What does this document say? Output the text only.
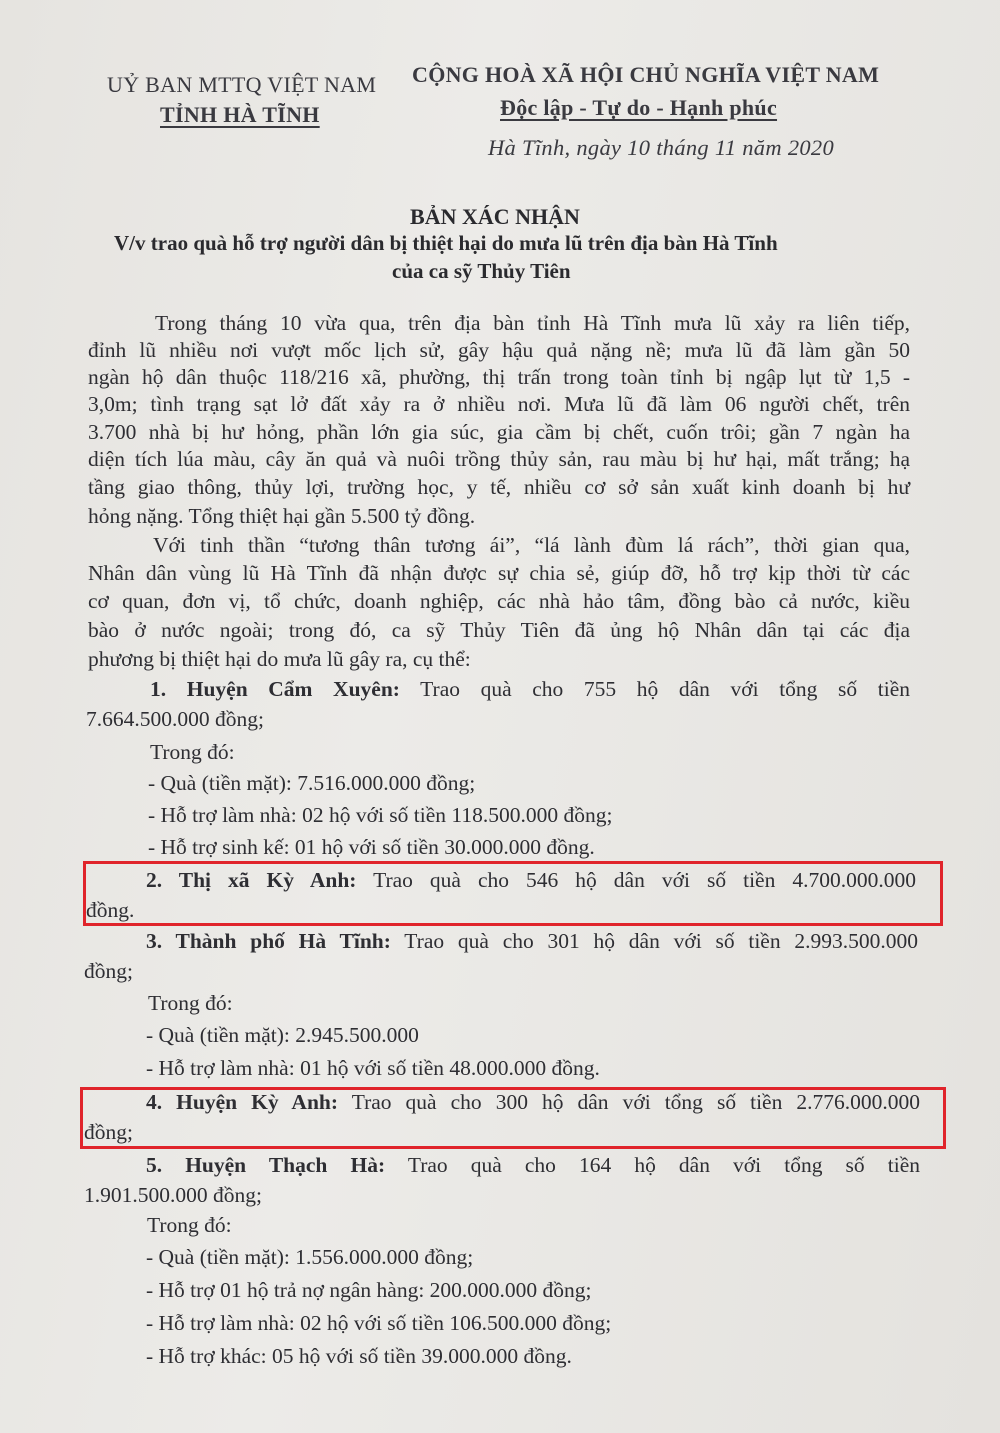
UỶ BAN MTTQ VIỆT NAM
TỈNH HÀ TĨNH
CỘNG HOÀ XÃ HỘI CHỦ NGHĨA VIỆT NAM
Độc lập - Tự do - Hạnh phúc
Hà Tĩnh, ngày 10 tháng 11 năm 2020
BẢN XÁC NHẬN
V/v trao quà hỗ trợ người dân bị thiệt hại do mưa lũ trên địa bàn Hà Tĩnh
của ca sỹ Thủy Tiên
Trong tháng 10 vừa qua, trên địa bàn tỉnh Hà Tĩnh mưa lũ xảy ra liên tiếp,
đỉnh lũ nhiều nơi vượt mốc lịch sử, gây hậu quả nặng nề; mưa lũ đã làm gần 50
ngàn hộ dân thuộc 118/216 xã, phường, thị trấn trong toàn tỉnh bị ngập lụt từ 1,5 -
3,0m; tình trạng sạt lở đất xảy ra ở nhiều nơi. Mưa lũ đã làm 06 người chết, trên
3.700 nhà bị hư hỏng, phần lớn gia súc, gia cầm bị chết, cuốn trôi; gần 7 ngàn ha
diện tích lúa màu, cây ăn quả và nuôi trồng thủy sản, rau màu bị hư hại, mất trắng; hạ
tầng giao thông, thủy lợi, trường học, y tế, nhiều cơ sở sản xuất kinh doanh bị hư
hỏng nặng. Tổng thiệt hại gần 5.500 tỷ đồng.
Với tinh thần “tương thân tương ái”, “lá lành đùm lá rách”, thời gian qua,
Nhân dân vùng lũ Hà Tĩnh đã nhận được sự chia sẻ, giúp đỡ, hỗ trợ kịp thời từ các
cơ quan, đơn vị, tổ chức, doanh nghiệp, các nhà hảo tâm, đồng bào cả nước, kiều
bào ở nước ngoài; trong đó, ca sỹ Thủy Tiên đã ủng hộ Nhân dân tại các địa
phương bị thiệt hại do mưa lũ gây ra, cụ thể:
1. Huyện Cẩm Xuyên: Trao quà cho 755 hộ dân với tổng số tiền
7.664.500.000 đồng;
Trong đó:
- Quà (tiền mặt): 7.516.000.000 đồng;
- Hỗ trợ làm nhà: 02 hộ với số tiền 118.500.000 đồng;
- Hỗ trợ sinh kế: 01 hộ với số tiền 30.000.000 đồng.
2. Thị xã Kỳ Anh: Trao quà cho 546 hộ dân với số tiền 4.700.000.000
đồng.
3. Thành phố Hà Tĩnh: Trao quà cho 301 hộ dân với số tiền 2.993.500.000
đồng;
Trong đó:
- Quà (tiền mặt): 2.945.500.000
- Hỗ trợ làm nhà: 01 hộ với số tiền 48.000.000 đồng.
4. Huyện Kỳ Anh: Trao quà cho 300 hộ dân với tổng số tiền 2.776.000.000
đồng;
5. Huyện Thạch Hà: Trao quà cho 164 hộ dân với tổng số tiền
1.901.500.000 đồng;
Trong đó:
- Quà (tiền mặt): 1.556.000.000 đồng;
- Hỗ trợ 01 hộ trả nợ ngân hàng: 200.000.000 đồng;
- Hỗ trợ làm nhà: 02 hộ với số tiền 106.500.000 đồng;
- Hỗ trợ khác: 05 hộ với số tiền 39.000.000 đồng.
